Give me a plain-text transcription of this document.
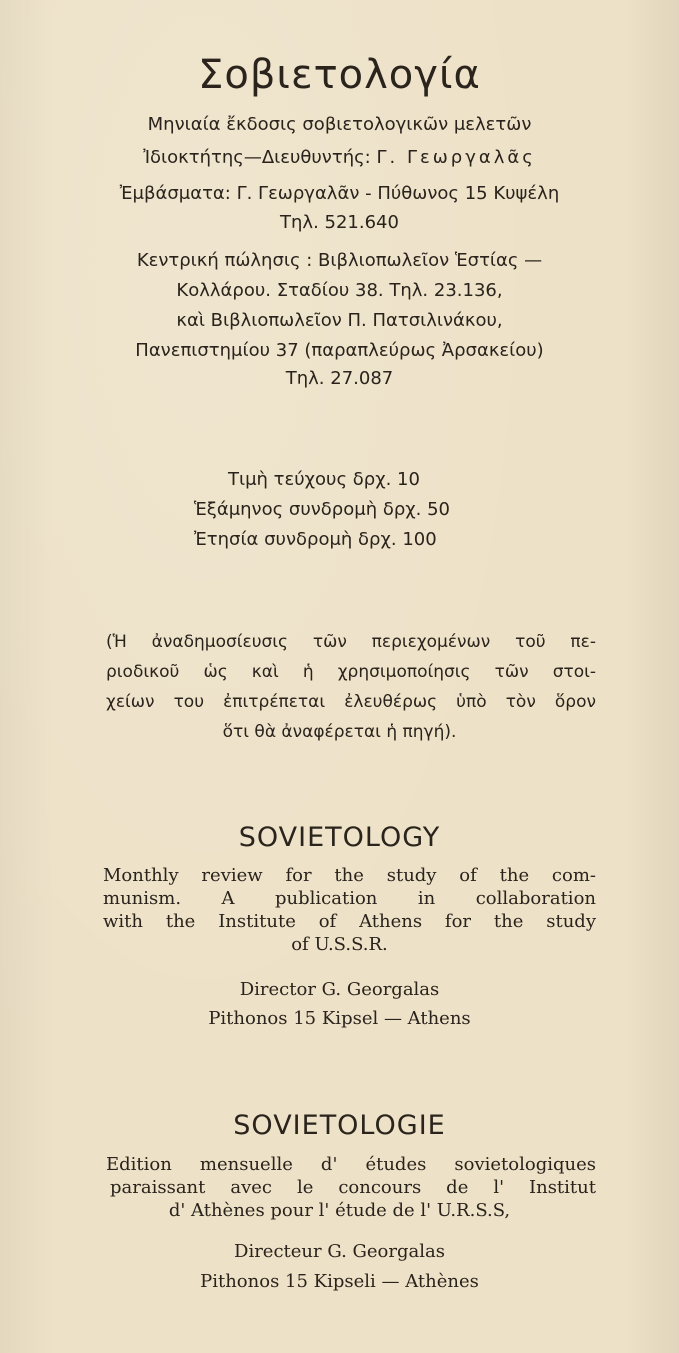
Σοβιετολογία
Μηνιαία ἔκδοσις σοβιετολογικῶν μελετῶν
Ἰδιοκτήτης—Διευθυντής: Γ. Γεωργαλᾶς
Ἐμβάσματα: Γ. Γεωργαλᾶν - Πύθωνος 15 Κυψέλη
Τηλ. 521.640
Κεντρική πώλησις : Βιβλιοπωλεῖον Ἑστίας —
Κολλάρου. Σταδίου 38. Τηλ. 23.136,
καὶ Βιβλιοπωλεῖον Π. Πατσιλινάκου,
Πανεπιστημίου 37 (παραπλεύρως Ἀρσακείου)
Τηλ. 27.087
Τιμὴ τεύχους δρχ. 10
Ἑξάμηνος συνδρομὴ δρχ. 50
Ἐτησία συνδρομὴ δρχ. 100
(Ἡ ἀναδημοσίευσις τῶν περιεχομένων τοῦ πε-
ριοδικοῦ ὡς καὶ ἡ χρησιμοποίησις τῶν στοι-
χείων του ἐπιτρέπεται ἐλευθέρως ὑπὸ τὸν ὅρον
ὅτι θὰ ἀναφέρεται ἡ πηγή).
SOVIETOLOGY
Monthly review for the study of the com-
munism. A publication in collaboration
with the Institute of Athens for the study
of U.S.S.R.
Director G. Georgalas
Pithonos 15 Kipsel — Athens
SOVIETOLOGIE
Edition mensuelle d' études sovietologiques
paraissant avec le concours de l' Institut
d' Athènes pour l' étude de l' U.R.S.S,
Directeur G. Georgalas
Pithonos 15 Kipseli — Athènes
